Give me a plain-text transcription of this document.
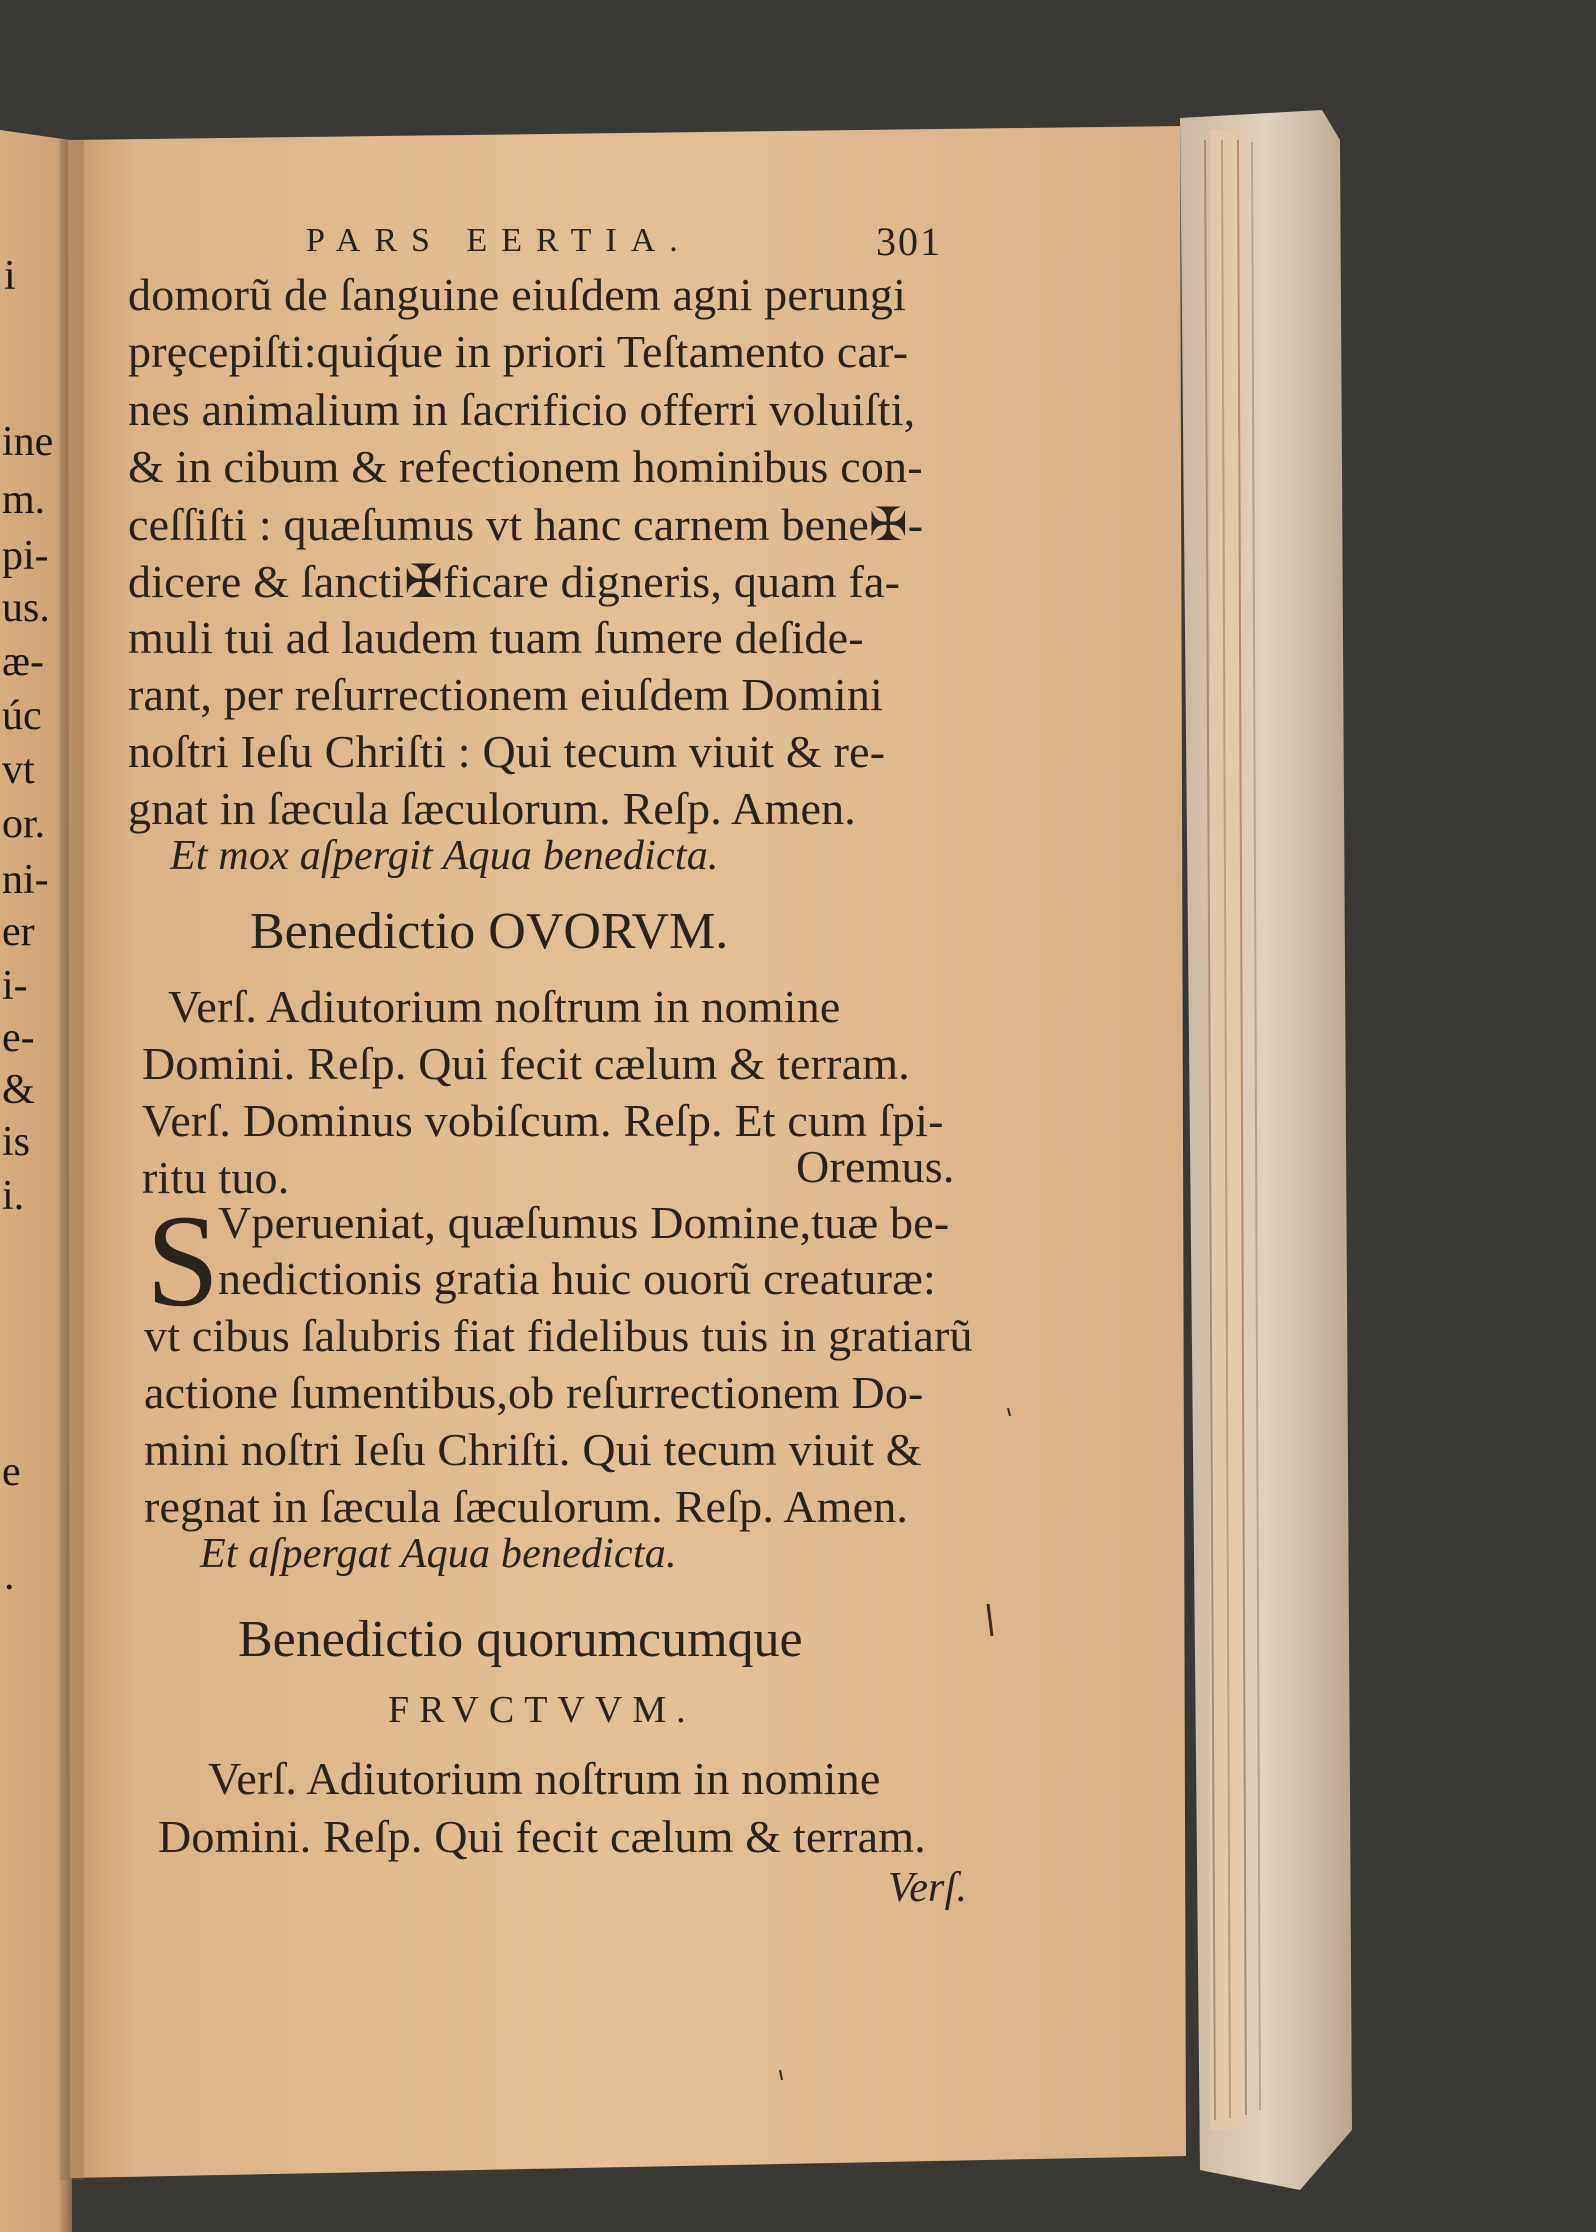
PARS EERTIA.	301
domorũ de ſanguine eiuſdem agni perungi
prȩcepiſti:quiq́ue in priori Teſtamento car-
nes animalium in ſacrificio offerri voluiſti,
& in cibum & refectionem hominibus con-
ceſſiſti : quæſumus vt hanc carnem bene✠-
dicere & ſancti✠ficare digneris, quam fa-
muli tui ad laudem tuam ſumere deſide-
rant, per reſurrectionem eiuſdem Domini
noſtri Ieſu Chriſti : Qui tecum viuit & re-
gnat in ſæcula ſæculorum. Reſp. Amen.
Et mox aſpergit Aqua benedicta.
Benedictio OVORVM.
Verſ. Adiutorium noſtrum in nomine
Domini. Reſp. Qui fecit cælum & terram.
Verſ. Dominus vobiſcum. Reſp. Et cum ſpi-
ritu tuo.	Oremus.
S
Vperueniat, quæſumus Domine,tuæ be-
nedictionis gratia huic ouorũ creaturæ:
vt cibus ſalubris fiat fidelibus tuis in gratiarũ
actione ſumentibus,ob reſurrectionem Do-
mini noſtri Ieſu Chriſti. Qui tecum viuit &
regnat in ſæcula ſæculorum. Reſp. Amen.
Et aſpergat Aqua benedicta.
Benedictio quorumcumque
FRVCTVVM.
Verſ. Adiutorium noſtrum in nomine
Domini. Reſp. Qui fecit cælum & terram.
Verſ.
i
ine
m.
pi-
us.
æ-
úc
vt
or.
ni-
er
i-
e-
&
is
i.
e
.
